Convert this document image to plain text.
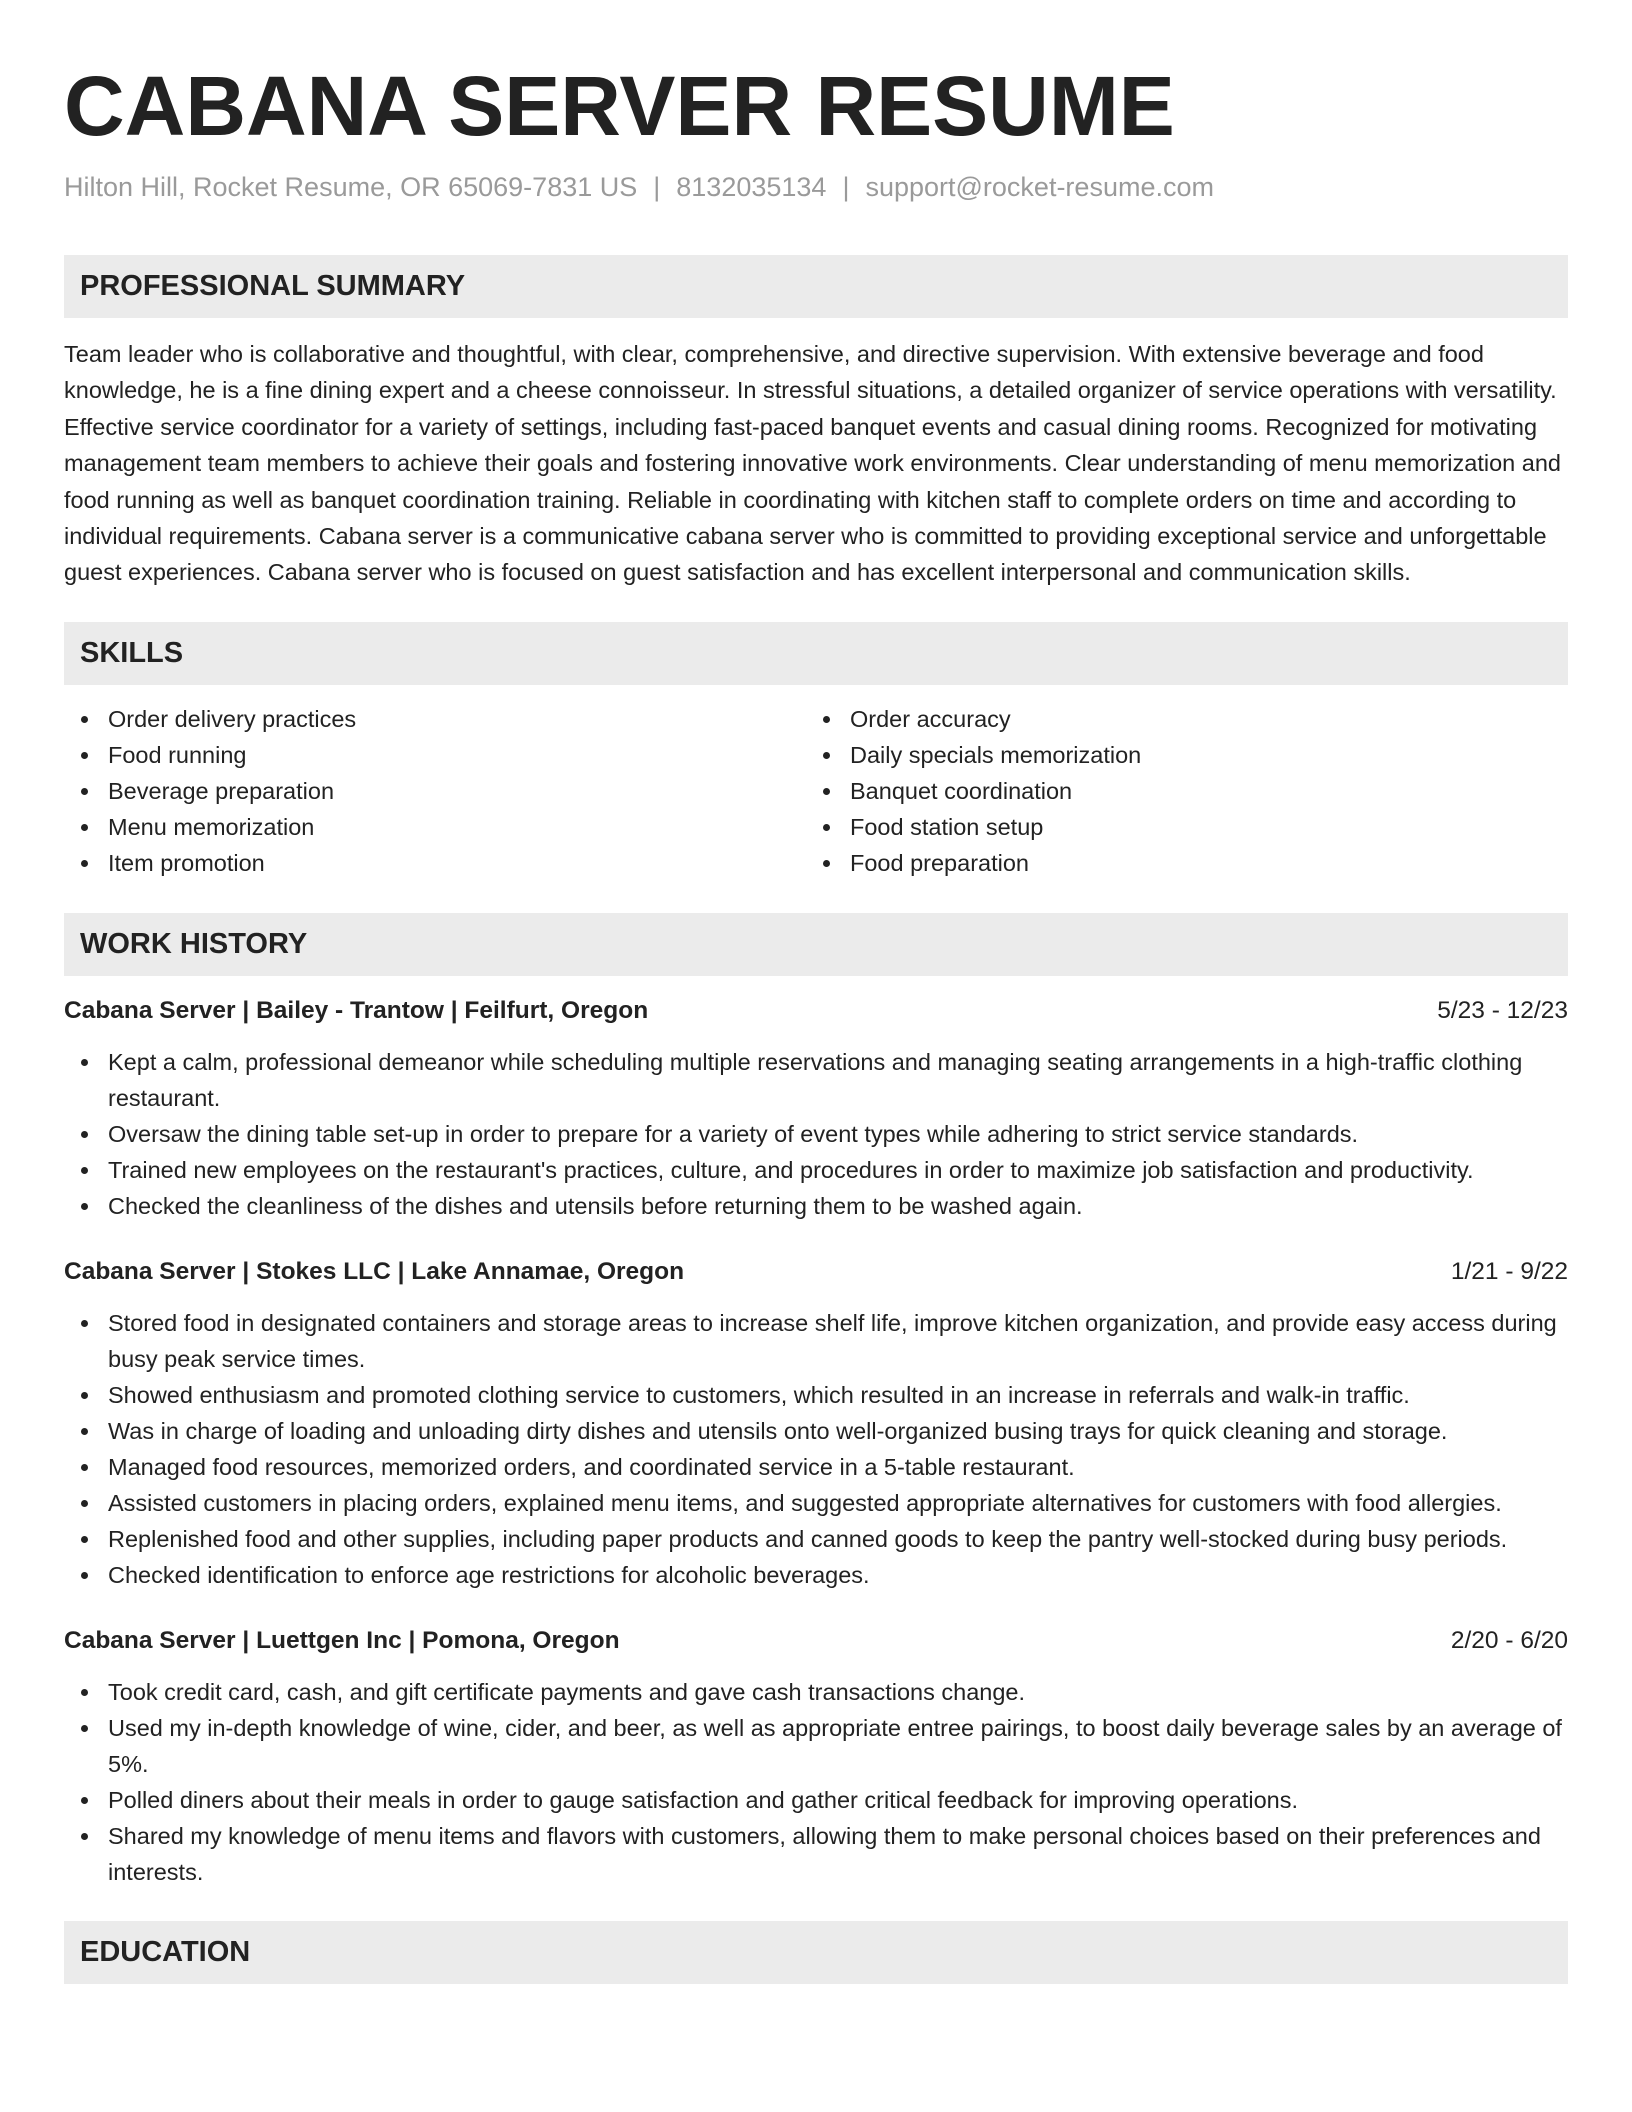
CABANA SERVER RESUME
Hilton Hill, Rocket Resume, OR 65069-7831 US | 8132035134 | support@rocket-resume.com
PROFESSIONAL SUMMARY

Team leader who is collaborative and thoughtful, with clear, comprehensive, and directive supervision. With extensive beverage and food knowledge, he is a fine dining expert and a cheese connoisseur. In stressful situations, a detailed organizer of service operations with versatility. Effective service coordinator for a variety of settings, including fast-paced banquet events and casual dining rooms. Recognized for motivating management team members to achieve their goals and fostering innovative work environments. Clear understanding of menu memorization and food running as well as banquet coordination training. Reliable in coordinating with kitchen staff to complete orders on time and according to individual requirements. Cabana server is a communicative cabana server who is committed to providing exceptional service and unforgettable guest experiences. Cabana server who is focused on guest satisfaction and has excellent interpersonal and communication skills.

SKILLS
Order delivery practices
Food running
Beverage preparation
Menu memorization
Item promotion
Order accuracy
Daily specials memorization
Banquet coordination
Food station setup
Food preparation
WORK HISTORY
Cabana Server | Bailey - Trantow | Feilfurt, Oregon	5/23 - 12/23
Kept a calm, professional demeanor while scheduling multiple reservations and managing seating arrangements in a high-traffic clothing restaurant.
Oversaw the dining table set-up in order to prepare for a variety of event types while adhering to strict service standards.
Trained new employees on the restaurant's practices, culture, and procedures in order to maximize job satisfaction and productivity.
Checked the cleanliness of the dishes and utensils before returning them to be washed again.
Cabana Server | Stokes LLC | Lake Annamae, Oregon	1/21 - 9/22
Stored food in designated containers and storage areas to increase shelf life, improve kitchen organization, and provide easy access during busy peak service times.
Showed enthusiasm and promoted clothing service to customers, which resulted in an increase in referrals and walk-in traffic.
Was in charge of loading and unloading dirty dishes and utensils onto well-organized busing trays for quick cleaning and storage.
Managed food resources, memorized orders, and coordinated service in a 5-table restaurant.
Assisted customers in placing orders, explained menu items, and suggested appropriate alternatives for customers with food allergies.
Replenished food and other supplies, including paper products and canned goods to keep the pantry well-stocked during busy periods.
Checked identification to enforce age restrictions for alcoholic beverages.
Cabana Server | Luettgen Inc | Pomona, Oregon	2/20 - 6/20
Took credit card, cash, and gift certificate payments and gave cash transactions change.
Used my in-depth knowledge of wine, cider, and beer, as well as appropriate entree pairings, to boost daily beverage sales by an average of 5%.
Polled diners about their meals in order to gauge satisfaction and gather critical feedback for improving operations.
Shared my knowledge of menu items and flavors with customers, allowing them to make personal choices based on their preferences and interests.
EDUCATION
